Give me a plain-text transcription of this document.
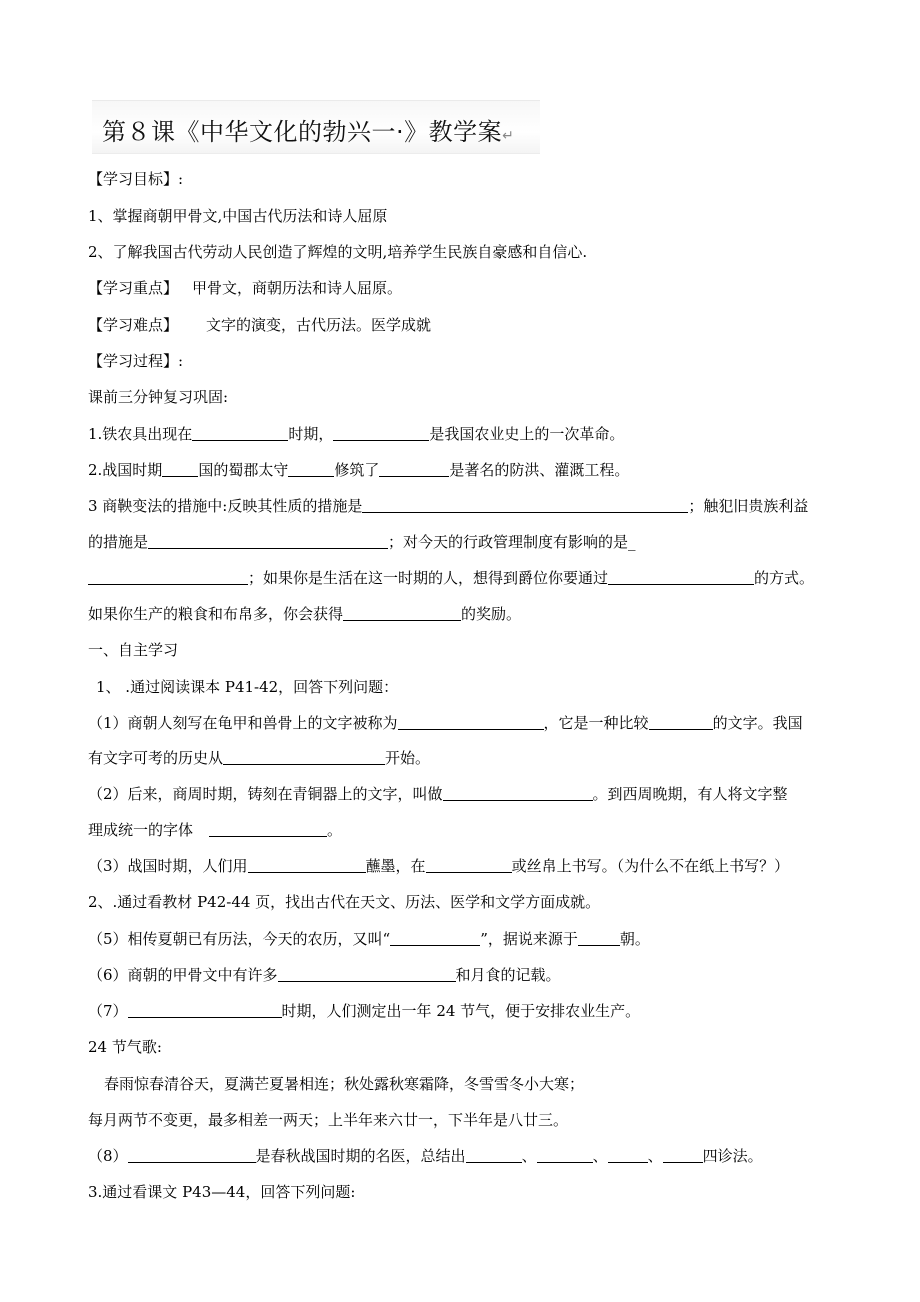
第８课《中华文化的勃兴一·》教学案↵
【学习目标】:
1、掌握商朝甲骨文,中国古代历法和诗人屈原
2、了解我国古代劳动人民创造了辉煌的文明,培养学生民族自豪感和自信心.
【学习重点】 甲骨文，商朝历法和诗人屈原。
【学习难点】 文字的演变，古代历法。医学成就
【学习过程】:
课前三分钟复习巩固:
1.铁农具出现在	时期，	是我国农业史上的一次革命。
2.战国时期 国的蜀郡太守	修筑了	是著名的防洪、灌溉工程。
3 商鞅变法的措施中:反映其性质的措施是	；触犯旧贵族利益
的措施是	；对今天的行政管理制度有影响的是_
；如果你是生活在这一时期的人，想得到爵位你要通过	的方式。
如果你生产的粮食和布帛多，你会获得	的奖励。
一、自主学习
1、 .通过阅读课本 P41-42，回答下列问题：
（1）商朝人刻写在龟甲和兽骨上的文字被称为	，它是一种比较	的文字。我国
有文字可考的历史从	开始。
（2）后来，商周时期，铸刻在青铜器上的文字，叫做	。到西周晚期，有人将文字整
理成统一的字体	。
（3）战国时期，人们用	蘸墨，在	或丝帛上书写。（为什么不在纸上书写？）
2、.通过看教材 P42-44 页，找出古代在天文、历法、医学和文学方面成就。
（5）相传夏朝已有历法，今天的农历，又叫“	”，据说来源于	朝。
（6）商朝的甲骨文中有许多	和月食的记载。
（7）	时期，人们测定出一年 24 节气，便于安排农业生产。
24 节气歌:
春雨惊春清谷天，夏满芒夏暑相连；秋处露秋寒霜降，冬雪雪冬小大寒；
每月两节不变更，最多相差一两天；上半年来六廿一，下半年是八廿三。
（8）	是春秋战国时期的名医，总结出	、	、	、	四诊法。
3.通过看课文 P43—44，回答下列问题:
